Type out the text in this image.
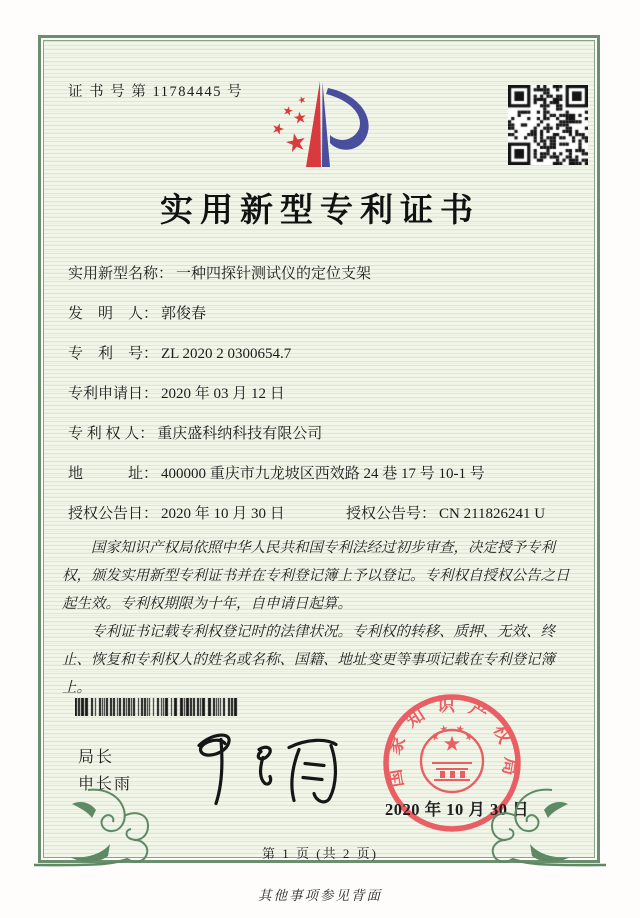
证 书 号 第 11784445 号
实用新型专利证书
实用新型名称： 一种四探针测试仪的定位支架
发　明　人： 郭俊春
专　利　号： ZL 2020 2 0300654.7
专利申请日： 2020 年 03 月 12 日
专 利 权 人： 重庆盛科纳科技有限公司
地　　　址： 400000 重庆市九龙坡区西效路 24 巷 17 号 10-1 号
授权公告日： 2020 年 10 月 30 日	授权公告号： CN 211826241 U

国家知识产权局依照中华人民共和国专利法经过初步审查，决定授予专利权，颁发实用新型专利证书并在专利登记簿上予以登记。专利权自授权公告之日起生效。专利权期限为十年，自申请日起算。

专利证书记载专利权登记时的法律状况。专利权的转移、质押、无效、终止、恢复和专利权人的姓名或名称、国籍、地址变更等事项记载在专利登记簿上。

局长
申长雨	国家知识产权局
2020 年 10 月 30 日
第 1 页 (共 2 页)
其他事项参见背面
